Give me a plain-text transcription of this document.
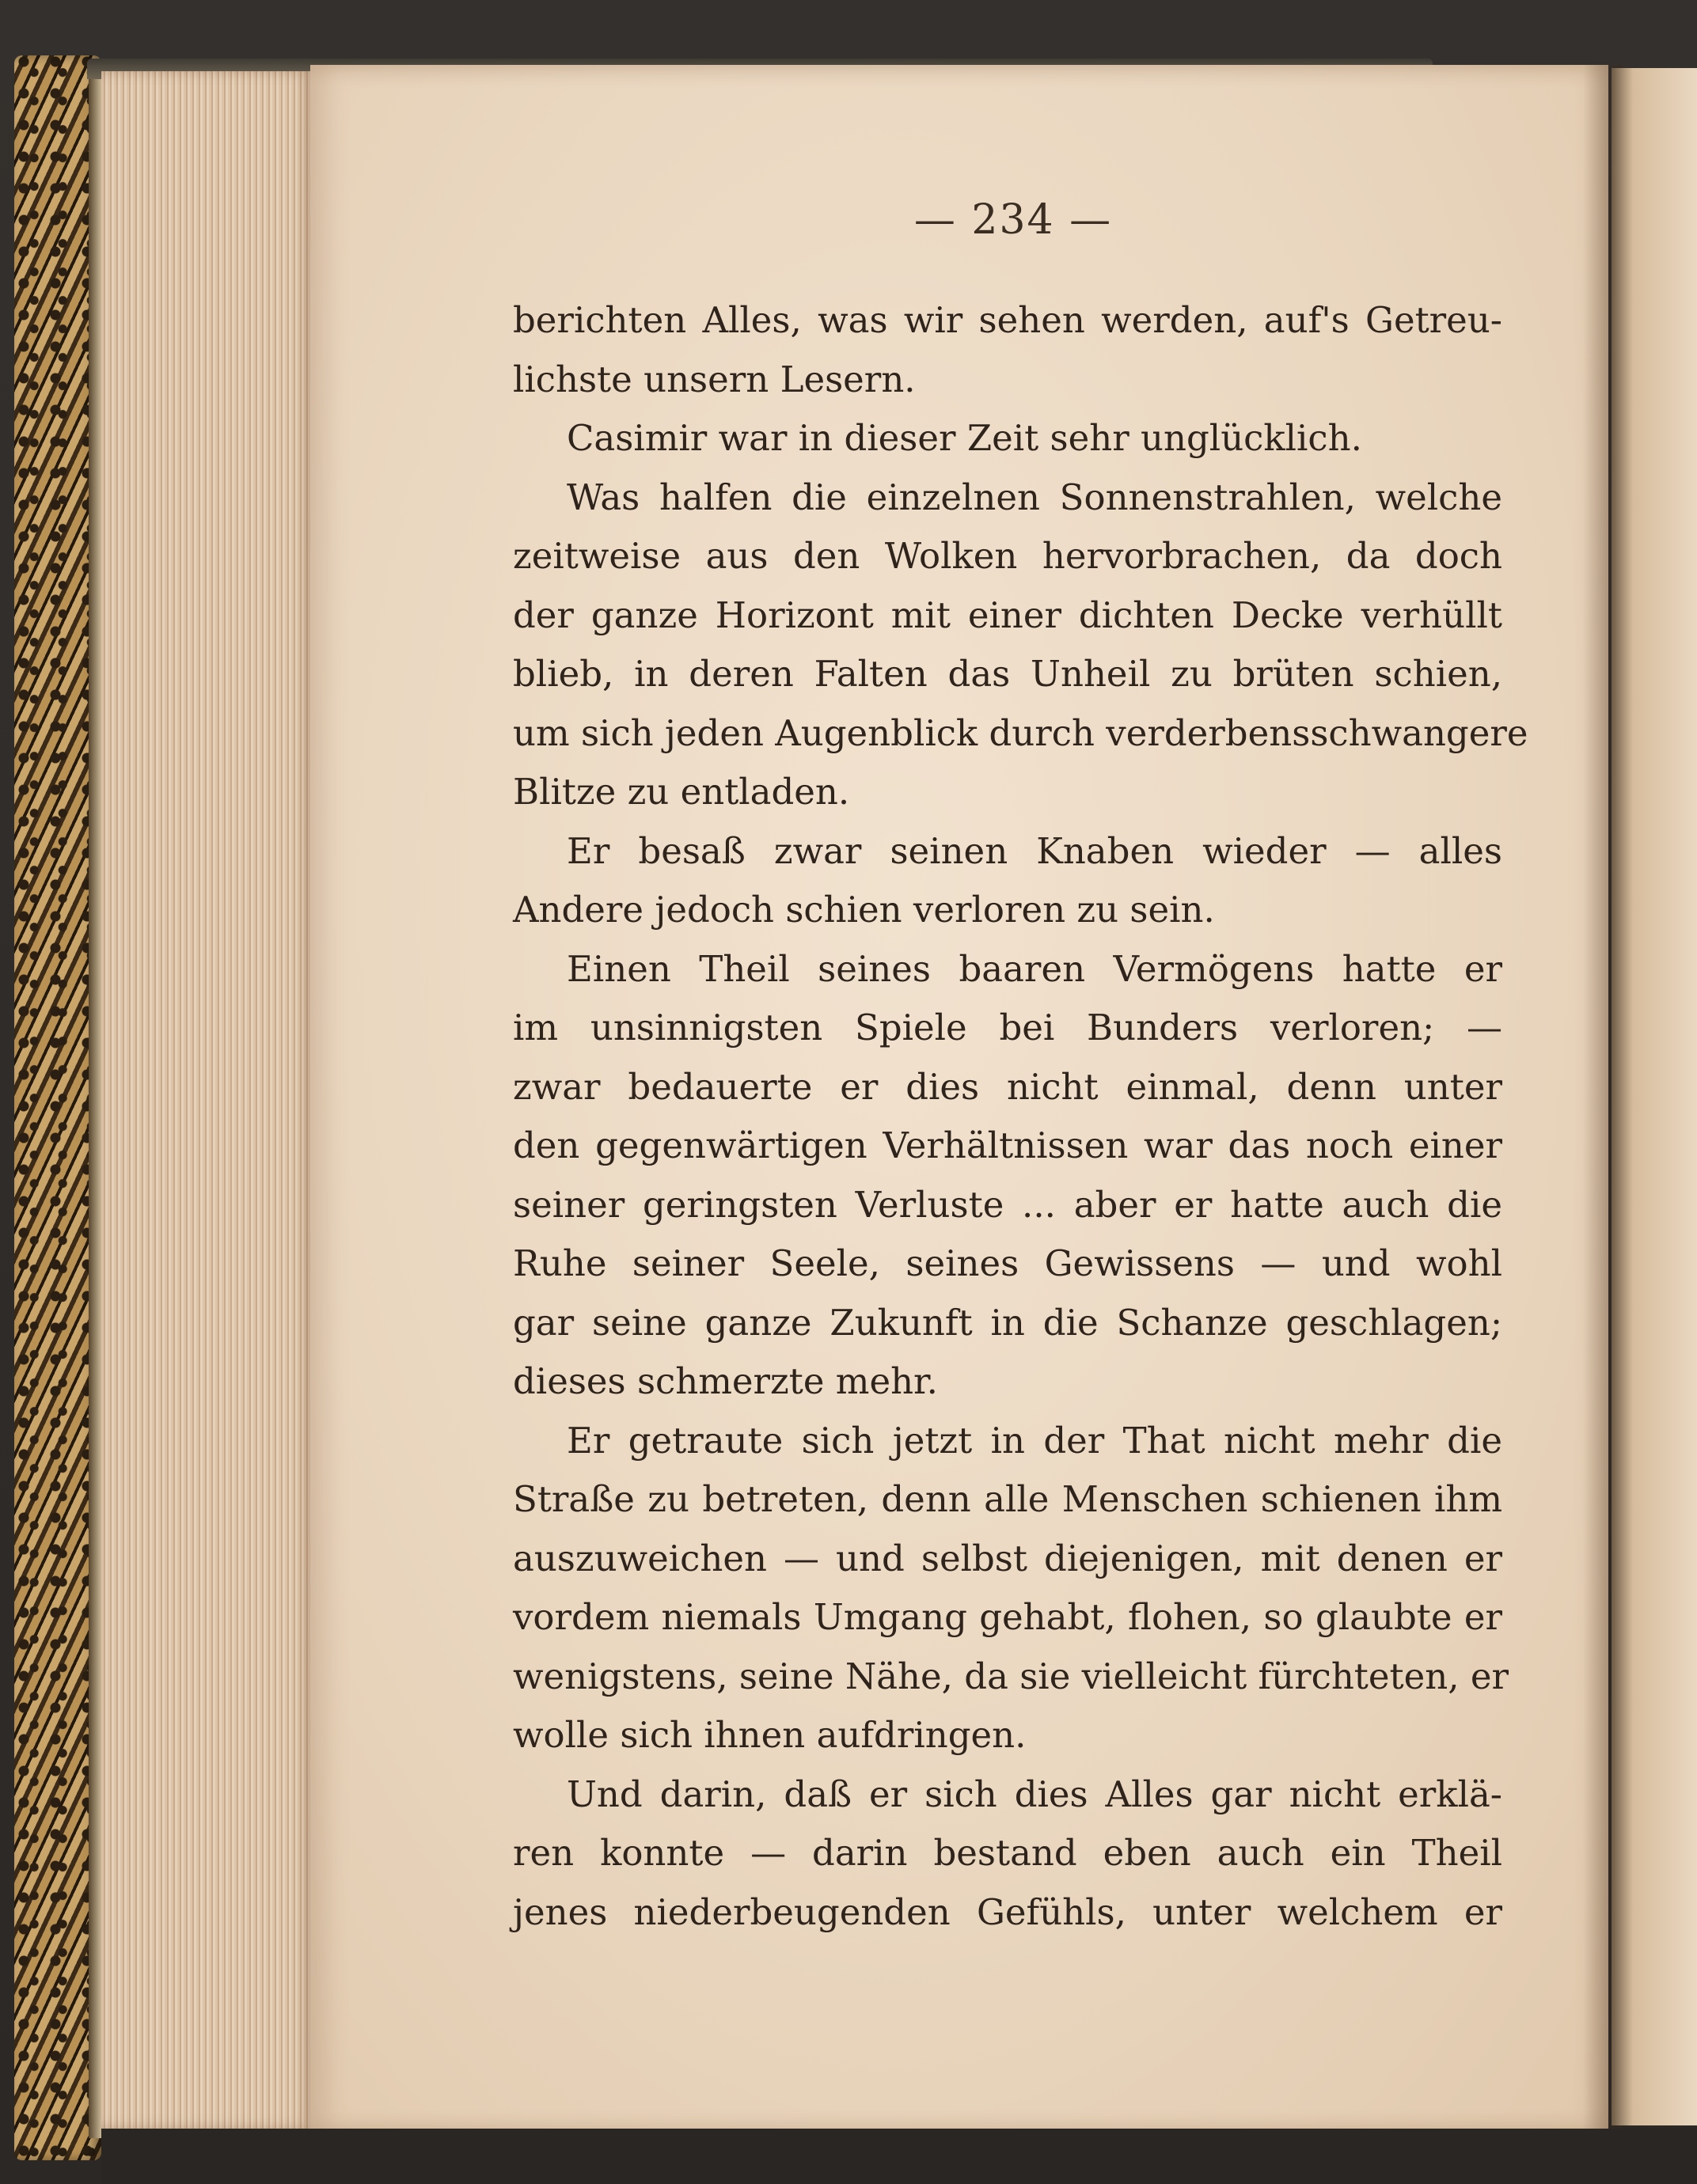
— 234 —

berichten Alles, was wir sehen werden, auf's Getreu-
lichste unsern Lesern.
Casimir war in dieser Zeit sehr unglücklich.
Was halfen die einzelnen Sonnenstrahlen, welche
zeitweise aus den Wolken hervorbrachen, da doch
der ganze Horizont mit einer dichten Decke verhüllt
blieb, in deren Falten das Unheil zu brüten schien,
um sich jeden Augenblick durch verderbensschwangere
Blitze zu entladen.
Er besaß zwar seinen Knaben wieder — alles
Andere jedoch schien verloren zu sein.
Einen Theil seines baaren Vermögens hatte er
im unsinnigsten Spiele bei Bunders verloren; —
zwar bedauerte er dies nicht einmal, denn unter
den gegenwärtigen Verhältnissen war das noch einer
seiner geringsten Verluste ... aber er hatte auch die
Ruhe seiner Seele, seines Gewissens — und wohl
gar seine ganze Zukunft in die Schanze geschlagen;
dieses schmerzte mehr.
Er getraute sich jetzt in der That nicht mehr die
Straße zu betreten, denn alle Menschen schienen ihm
auszuweichen — und selbst diejenigen, mit denen er
vordem niemals Umgang gehabt, flohen, so glaubte er
wenigstens, seine Nähe, da sie vielleicht fürchteten, er
wolle sich ihnen aufdringen.
Und darin, daß er sich dies Alles gar nicht erklä-
ren konnte — darin bestand eben auch ein Theil
jenes niederbeugenden Gefühls, unter welchem er
